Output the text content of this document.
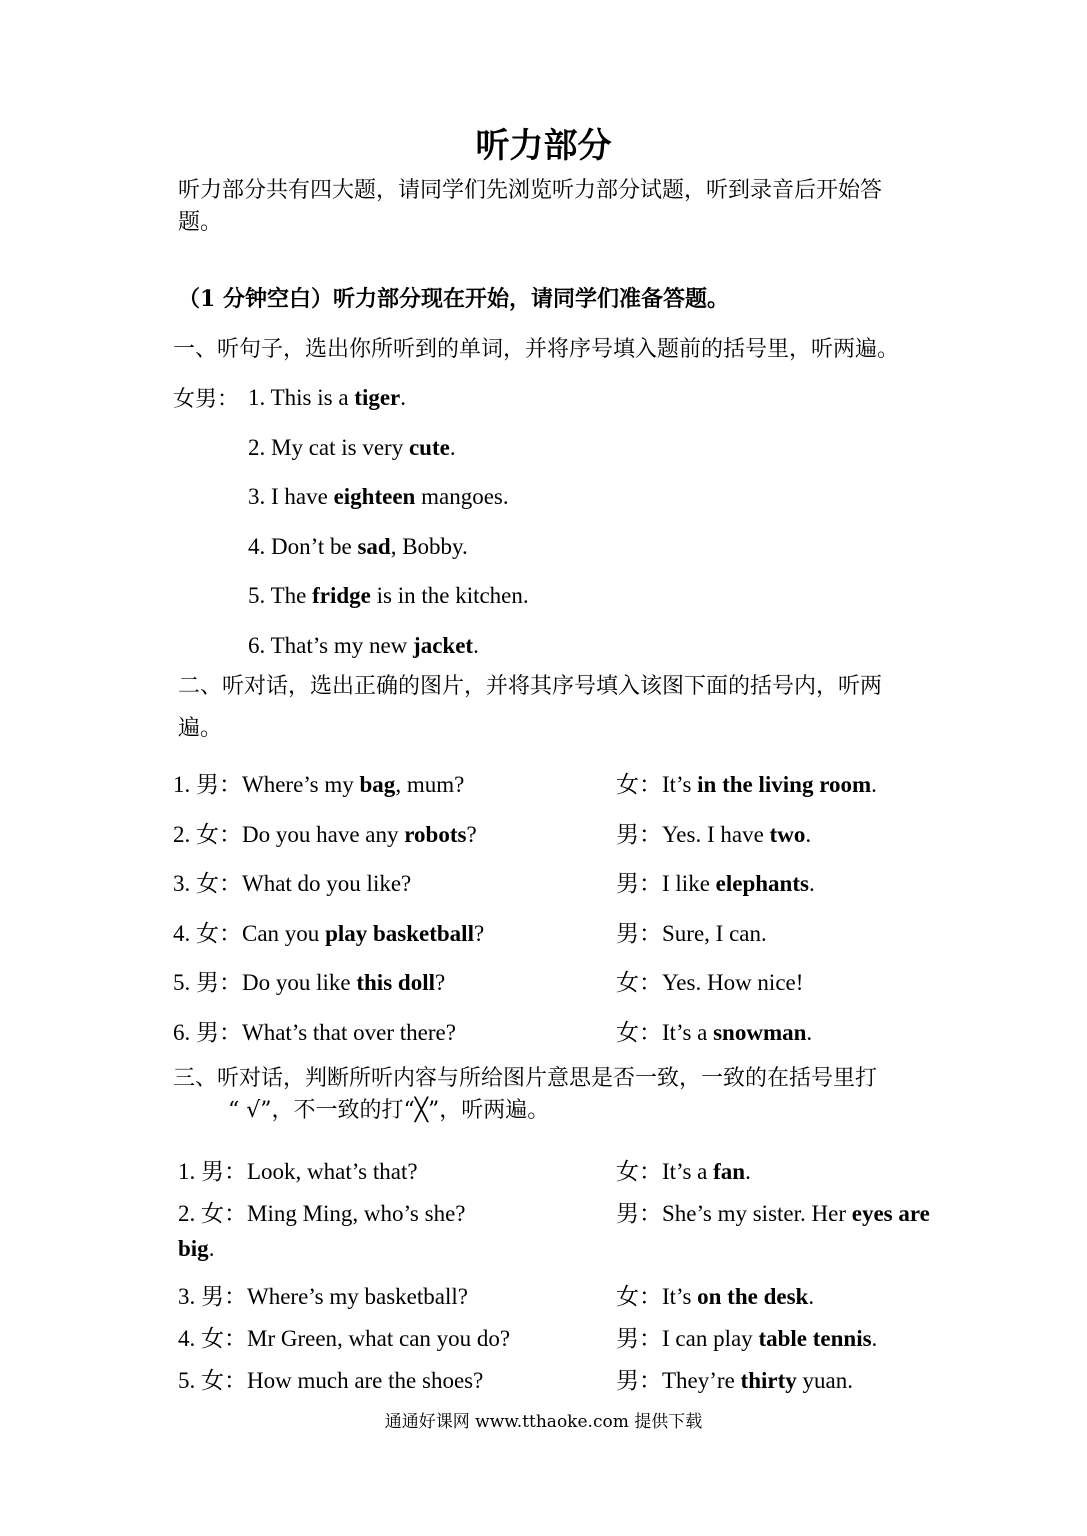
听力部分
听力部分共有四大题，请同学们先浏览听力部分试题，听到录音后开始答
题。
（1 分钟空白）听力部分现在开始，请同学们准备答题。
一、听句子，选出你所听到的单词，并将序号填入题前的括号里，听两遍。
女男： 1. This is a tiger.
2. My cat is very cute.
3. I have eighteen mangoes.
4. Don’t be sad, Bobby.
5. The fridge is in the kitchen.
6. That’s my new jacket.
二、听对话，选出正确的图片，并将其序号填入该图下面的括号内，听两
遍。
1. 男：Where’s my bag, mum?	女：It’s in the living room.
2. 女：Do you have any robots?	男：Yes. I have two.
3. 女：What do you like?	男：I like elephants.
4. 女：Can you play basketball?	男：Sure, I can.
5. 男：Do you like this doll?	女：Yes. How nice!
6. 男：What’s that over there?	女：It’s a snowman.
三、听对话，判断所听内容与所给图片意思是否一致，一致的在括号里打
“ √”，不一致的打“╳”，听两遍。
1. 男：Look, what’s that?	女：It’s a fan.
2. 女：Ming Ming, who’s she?	男：She’s my sister. Her eyes are
big.
3. 男：Where’s my basketball?	女：It’s on the desk.
4. 女：Mr Green, what can you do?	男：I can play table tennis.
5. 女：How much are the shoes?	男：They’re thirty yuan.
通通好课网 www.tthaoke.com 提供下载
